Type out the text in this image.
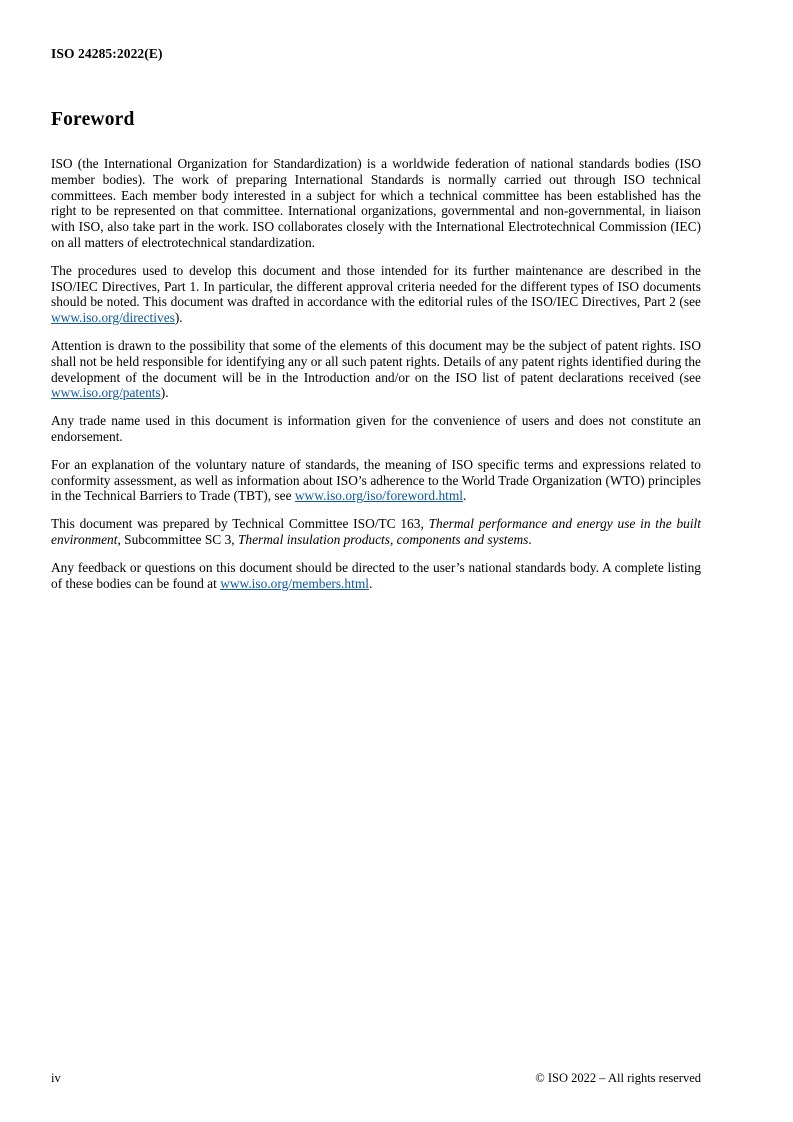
ISO 24285:2022(E)
Foreword

ISO (the International Organization for Standardization) is a worldwide federation of national standards bodies (ISO member bodies). The work of preparing International Standards is normally carried out through ISO technical committees. Each member body interested in a subject for which a technical committee has been established has the right to be represented on that committee. International organizations, governmental and non-governmental, in liaison with ISO, also take part in the work. ISO collaborates closely with the International Electrotechnical Commission (IEC) on all matters of electrotechnical standardization.

The procedures used to develop this document and those intended for its further maintenance are described in the ISO/IEC Directives, Part 1. In particular, the different approval criteria needed for the different types of ISO documents should be noted. This document was drafted in accordance with the editorial rules of the ISO/IEC Directives, Part 2 (see www.iso.org/directives).

Attention is drawn to the possibility that some of the elements of this document may be the subject of patent rights. ISO shall not be held responsible for identifying any or all such patent rights. Details of any patent rights identified during the development of the document will be in the Introduction and/or on the ISO list of patent declarations received (see www.iso.org/patents).

Any trade name used in this document is information given for the convenience of users and does not constitute an endorsement.

For an explanation of the voluntary nature of standards, the meaning of ISO specific terms and expressions related to conformity assessment, as well as information about ISO’s adherence to the World Trade Organization (WTO) principles in the Technical Barriers to Trade (TBT), see www.iso.org/iso/foreword.html.

This document was prepared by Technical Committee ISO/TC 163, Thermal performance and energy use in the built environment, Subcommittee SC 3, Thermal insulation products, components and systems.

Any feedback or questions on this document should be directed to the user’s national standards body. A complete listing of these bodies can be found at www.iso.org/members.html.

iv	© ISO 2022 – All rights reserved
